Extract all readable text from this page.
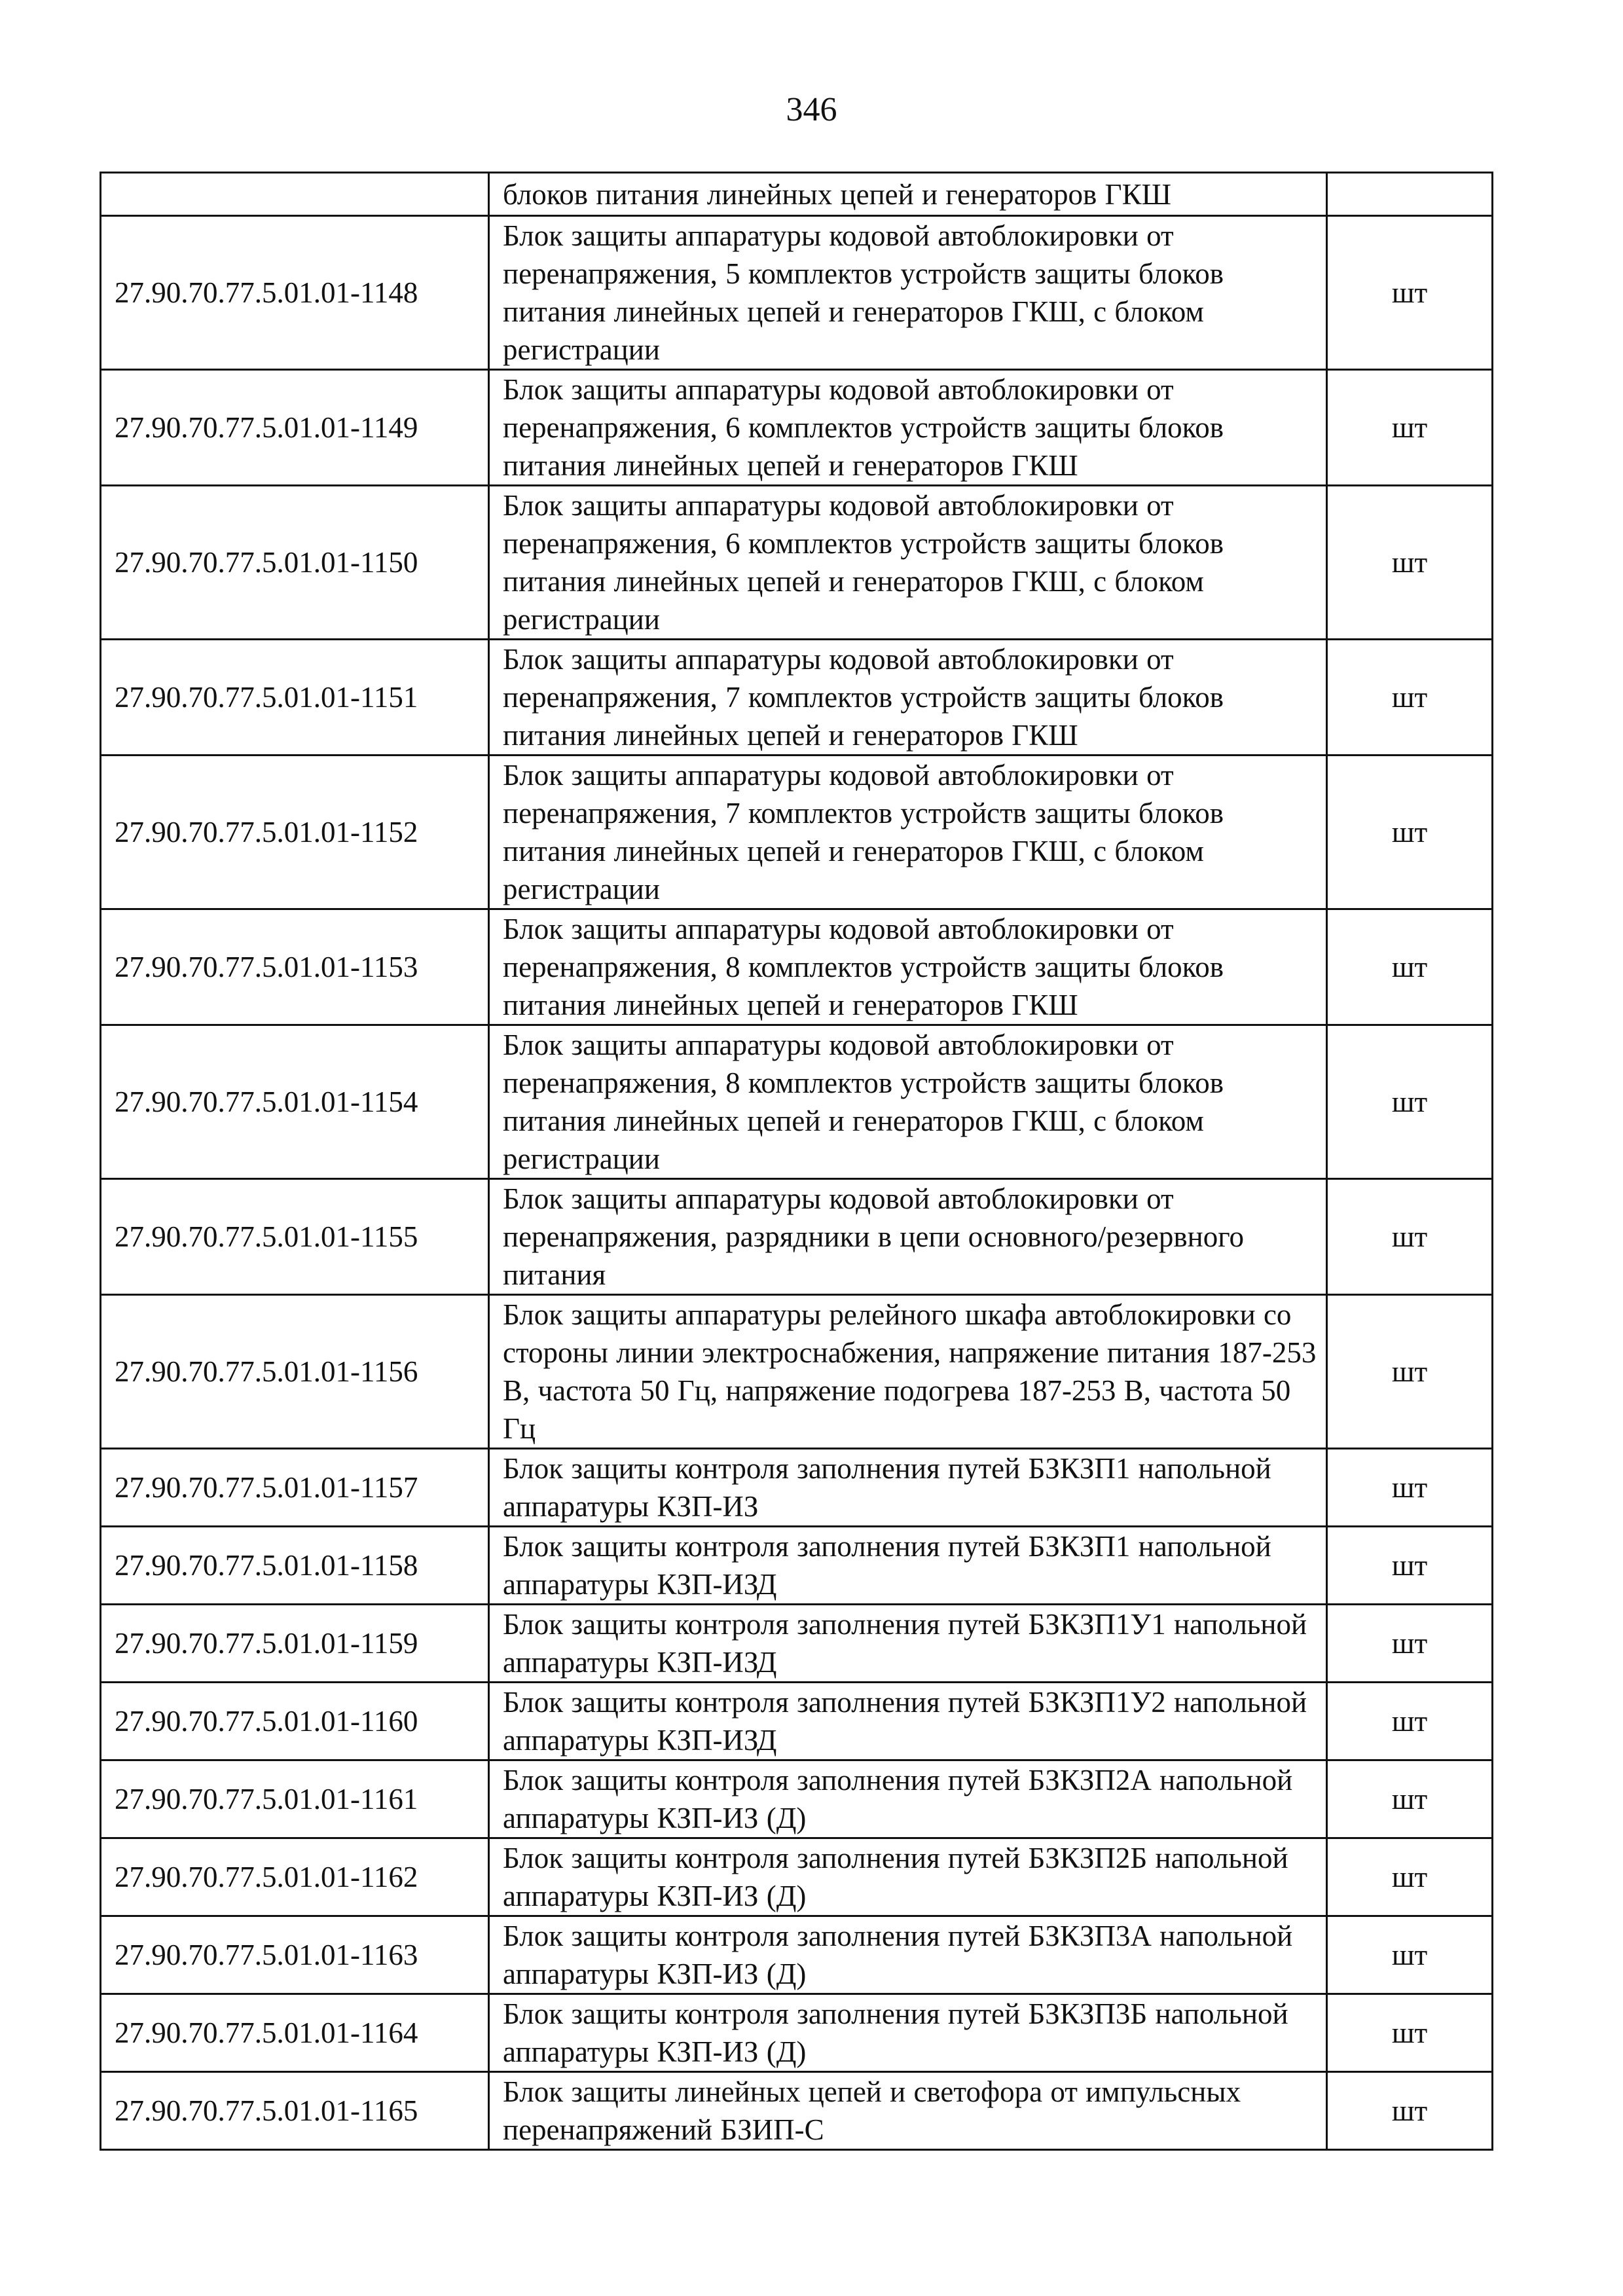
346
	блоков питания линейных цепей и генераторов ГКШ	
27.90.70.77.5.01.01-1148	Блок защиты аппаратуры кодовой автоблокировки от перенапряжения, 5 комплектов устройств защиты блоков питания линейных цепей и генераторов ГКШ, с блоком регистрации	шт
27.90.70.77.5.01.01-1149	Блок защиты аппаратуры кодовой автоблокировки от перенапряжения, 6 комплектов устройств защиты блоков питания линейных цепей и генераторов ГКШ	шт
27.90.70.77.5.01.01-1150	Блок защиты аппаратуры кодовой автоблокировки от перенапряжения, 6 комплектов устройств защиты блоков питания линейных цепей и генераторов ГКШ, с блоком регистрации	шт
27.90.70.77.5.01.01-1151	Блок защиты аппаратуры кодовой автоблокировки от перенапряжения, 7 комплектов устройств защиты блоков питания линейных цепей и генераторов ГКШ	шт
27.90.70.77.5.01.01-1152	Блок защиты аппаратуры кодовой автоблокировки от перенапряжения, 7 комплектов устройств защиты блоков питания линейных цепей и генераторов ГКШ, с блоком регистрации	шт
27.90.70.77.5.01.01-1153	Блок защиты аппаратуры кодовой автоблокировки от перенапряжения, 8 комплектов устройств защиты блоков питания линейных цепей и генераторов ГКШ	шт
27.90.70.77.5.01.01-1154	Блок защиты аппаратуры кодовой автоблокировки от перенапряжения, 8 комплектов устройств защиты блоков питания линейных цепей и генераторов ГКШ, с блоком регистрации	шт
27.90.70.77.5.01.01-1155	Блок защиты аппаратуры кодовой автоблокировки от перенапряжения, разрядники в цепи основного/резервного питания	шт
27.90.70.77.5.01.01-1156	Блок защиты аппаратуры релейного шкафа автоблокировки со стороны линии электроснабжения, напряжение питания 187-253 В, частота 50 Гц, напряжение подогрева 187-253 В, частота 50 Гц	шт
27.90.70.77.5.01.01-1157	Блок защиты контроля заполнения путей БЗКЗП1 напольной аппаратуры КЗП-ИЗ	шт
27.90.70.77.5.01.01-1158	Блок защиты контроля заполнения путей БЗКЗП1 напольной аппаратуры КЗП-ИЗД	шт
27.90.70.77.5.01.01-1159	Блок защиты контроля заполнения путей БЗКЗП1У1 напольной аппаратуры КЗП-ИЗД	шт
27.90.70.77.5.01.01-1160	Блок защиты контроля заполнения путей БЗКЗП1У2 напольной аппаратуры КЗП-ИЗД	шт
27.90.70.77.5.01.01-1161	Блок защиты контроля заполнения путей БЗКЗП2А напольной аппаратуры КЗП-ИЗ (Д)	шт
27.90.70.77.5.01.01-1162	Блок защиты контроля заполнения путей БЗКЗП2Б напольной аппаратуры КЗП-ИЗ (Д)	шт
27.90.70.77.5.01.01-1163	Блок защиты контроля заполнения путей БЗКЗП3А напольной аппаратуры КЗП-ИЗ (Д)	шт
27.90.70.77.5.01.01-1164	Блок защиты контроля заполнения путей БЗКЗП3Б напольной аппаратуры КЗП-ИЗ (Д)	шт
27.90.70.77.5.01.01-1165	Блок защиты линейных цепей и светофора от импульсных перенапряжений БЗИП-С	шт
